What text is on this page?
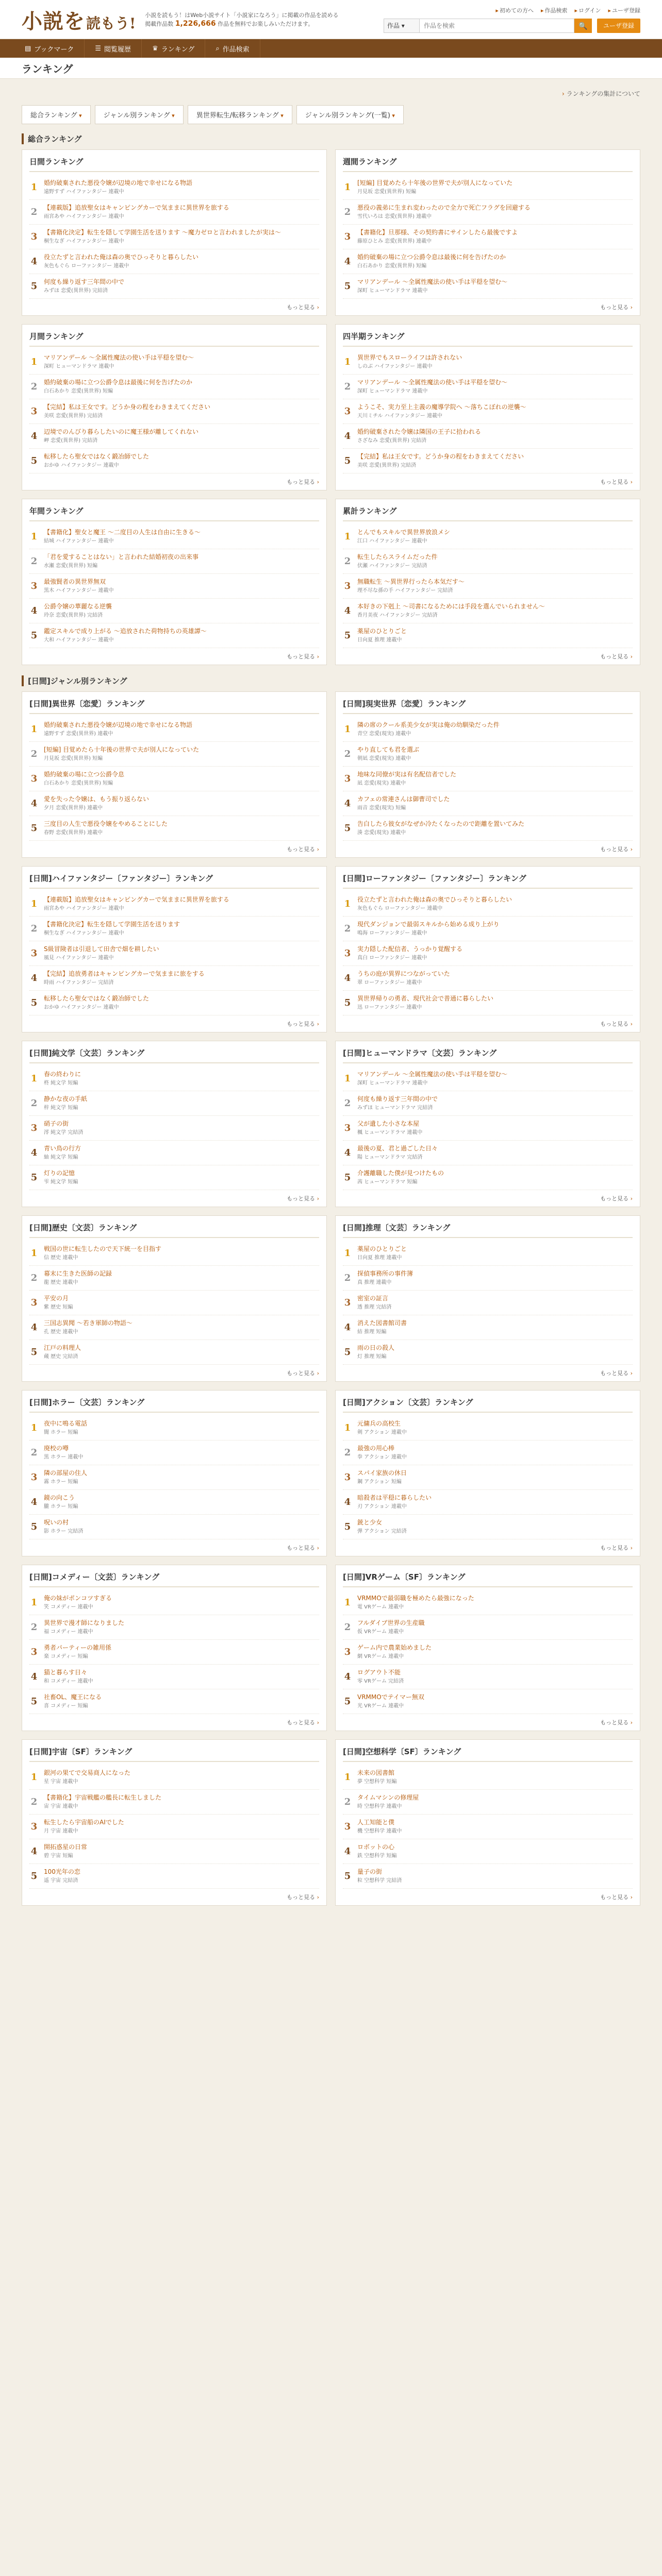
小説を 読もう! 小説を読もう！はWeb小説サイト「小説家になろう」に掲載の作品を読める
掲載作品数 1,226,666 作品を無料でお楽しみいただけます。
▸ 初めての方へ	▸ 作品検索	▸ ログイン	▸ ユーザ登録
作品 ▾
作品を検索	🔍	ユーザ登録
▤ ブックマーク	☰ 閲覧履歴	♛ ランキング	⌕ 作品検索
ランキング
› ランキングの集計について
総合ランキング ▾	ジャンル別ランキング ▾	異世界転生/転移ランキング ▾	ジャンル別ランキング(一覧) ▾
総合ランキング
日間ランキング
1 婚約破棄された悪役令嬢が辺境の地で幸せになる物語
遠野すず ハイファンタジー 連載中
2 【連載版】追放聖女はキャンピングカーで気ままに異世界を旅する
雨宮あや ハイファンタジー 連載中
3 【書籍化決定】転生を隠して学園生活を送ります ～魔力ゼロと言われましたが実は～
桐生なぎ ハイファンタジー 連載中
4 役立たずと言われた俺は森の奥でひっそりと暮らしたい
灰色もぐら ローファンタジー 連載中
5 何度も繰り返す三年間の中で
みずほ 恋愛(異世界) 完結済
もっと見る ›
週間ランキング
1 [短編] 目覚めたら十年後の世界で夫が別人になっていた
月見坂 恋愛(異世界) 短編
2 悪役の義弟に生まれ変わったので全力で死亡フラグを回避する
雪代いろは 恋愛(異世界) 連載中
3 【書籍化】旦那様、その契約書にサインしたら最後ですよ
藤原ひとみ 恋愛(異世界) 連載中
4 婚約破棄の場に立つ公爵令息は最後に何を告げたのか
白石あかり 恋愛(異世界) 短編
5 マリアンデール ～全属性魔法の使い手は平穏を望む～
深町 ヒューマンドラマ 連載中
もっと見る ›
月間ランキング
1 マリアンデール ～全属性魔法の使い手は平穏を望む～
深町 ヒューマンドラマ 連載中
2 婚約破棄の場に立つ公爵令息は最後に何を告げたのか
白石あかり 恋愛(異世界) 短編
3 【完結】私は王女です。どうか身の程をわきまえてください
美咲 恋愛(異世界) 完結済
4 辺境でのんびり暮らしたいのに魔王様が離してくれない
岬 恋愛(異世界) 完結済
5 転移したら聖女ではなく鍛冶師でした
おかゆ ハイファンタジー 連載中
もっと見る ›
四半期ランキング
1 異世界でもスローライフは許されない
しのぶ ハイファンタジー 連載中
2 マリアンデール ～全属性魔法の使い手は平穏を望む～
深町 ヒューマンドラマ 連載中
3 ようこそ、実力至上主義の魔導学院へ ～落ちこぼれの逆襲～
天川ミチル ハイファンタジー 連載中
4 婚約破棄された令嬢は隣国の王子に拾われる
さざなみ 恋愛(異世界) 完結済
5 【完結】私は王女です。どうか身の程をわきまえてください
美咲 恋愛(異世界) 完結済
もっと見る ›
年間ランキング
1 【書籍化】聖女と魔王 ～二度目の人生は自由に生きる～
結城 ハイファンタジー 連載中
2 「君を愛することはない」と言われた結婚初夜の出来事
水瀬 恋愛(異世界) 短編
3 最強賢者の異世界無双
黒木 ハイファンタジー 連載中
4 公爵令嬢の華麗なる逆襲
玲奈 恋愛(異世界) 完結済
5 鑑定スキルで成り上がる ～追放された荷物持ちの英雄譚～
大和 ハイファンタジー 連載中
もっと見る ›
累計ランキング
1 とんでもスキルで異世界放浪メシ
江口 ハイファンタジー 連載中
2 転生したらスライムだった件
伏瀬 ハイファンタジー 完結済
3 無職転生 ～異世界行ったら本気だす～
理不尽な孫の手 ハイファンタジー 完結済
4 本好きの下剋上 ～司書になるためには手段を選んでいられません～
香月美夜 ハイファンタジー 完結済
5 薬屋のひとりごと
日向夏 推理 連載中
もっと見る ›
[日間]ジャンル別ランキング
[日間]異世界〔恋愛〕ランキング
1 婚約破棄された悪役令嬢が辺境の地で幸せになる物語
遠野すず 恋愛(異世界) 連載中
2 [短編] 目覚めたら十年後の世界で夫が別人になっていた
月見坂 恋愛(異世界) 短編
3 婚約破棄の場に立つ公爵令息
白石あかり 恋愛(異世界) 短編
4 愛を失った令嬢は、もう振り返らない
夕月 恋愛(異世界) 連載中
5 三度目の人生で悪役令嬢をやめることにした
春野 恋愛(異世界) 連載中
もっと見る ›
[日間]現実世界〔恋愛〕ランキング
1 隣の席のクール系美少女が実は俺の幼馴染だった件
青空 恋愛(現実) 連載中
2 やり直しても君を選ぶ
朝凪 恋愛(現実) 連載中
3 地味な同僚が実は有名配信者でした
凪 恋愛(現実) 連載中
4 カフェの常連さんは御曹司でした
雨音 恋愛(現実) 短編
5 告白したら彼女がなぜか冷たくなったので距離を置いてみた
湊 恋愛(現実) 連載中
もっと見る ›
[日間]ハイファンタジー〔ファンタジー〕ランキング
1 【連載版】追放聖女はキャンピングカーで気ままに異世界を旅する
雨宮あや ハイファンタジー 連載中
2 【書籍化決定】転生を隠して学園生活を送ります
桐生なぎ ハイファンタジー 連載中
3 S級冒険者は引退して田舎で畑を耕したい
風見 ハイファンタジー 連載中
4 【完結】追放勇者はキャンピングカーで気ままに旅をする
時雨 ハイファンタジー 完結済
5 転移したら聖女ではなく鍛冶師でした
おかゆ ハイファンタジー 連載中
もっと見る ›
[日間]ローファンタジー〔ファンタジー〕ランキング
1 役立たずと言われた俺は森の奥でひっそりと暮らしたい
灰色もぐら ローファンタジー 連載中
2 現代ダンジョンで最弱スキルから始める成り上がり
鳴海 ローファンタジー 連載中
3 実力隠した配信者、うっかり覚醒する
真白 ローファンタジー 連載中
4 うちの庭が異界につながっていた
翠 ローファンタジー 連載中
5 異世界帰りの勇者、現代社会で普通に暮らしたい
迅 ローファンタジー 連載中
もっと見る ›
[日間]純文学〔文芸〕ランキング
1 春の終わりに
柊 純文学 短編
2 静かな夜の手紙
梓 純文学 短編
3 硝子の街
澪 純文学 完結済
4 青い鳥の行方
紬 純文学 短編
5 灯りの記憶
雫 純文学 短編
もっと見る ›
[日間]ヒューマンドラマ〔文芸〕ランキング
1 マリアンデール ～全属性魔法の使い手は平穏を望む～
深町 ヒューマンドラマ 連載中
2 何度も繰り返す三年間の中で
みずほ ヒューマンドラマ 完結済
3 父が遺した小さな本屋
楓 ヒューマンドラマ 連載中
4 最後の夏、君と過ごした日々
陽 ヒューマンドラマ 完結済
5 介護離職した僕が見つけたもの
茜 ヒューマンドラマ 短編
もっと見る ›
[日間]歴史〔文芸〕ランキング
1 戦国の世に転生したので天下統一を目指す
信 歴史 連載中
2 幕末に生きた医師の記録
龍 歴史 連載中
3 平安の月
紫 歴史 短編
4 三国志異聞 ～若き軍師の物語～
孔 歴史 連載中
5 江戸の料理人
蔵 歴史 完結済
もっと見る ›
[日間]推理〔文芸〕ランキング
1 薬屋のひとりごと
日向夏 推理 連載中
2 探偵事務所の事件簿
真 推理 連載中
3 密室の証言
透 推理 完結済
4 消えた図書館司書
結 推理 短編
5 雨の日の殺人
灯 推理 短編
もっと見る ›
[日間]ホラー〔文芸〕ランキング
1 夜中に鳴る電話
闇 ホラー 短編
2 廃校の噂
黒 ホラー 連載中
3 隣の部屋の住人
霧 ホラー 短編
4 鏡の向こう
朧 ホラー 短編
5 呪いの村
影 ホラー 完結済
もっと見る ›
[日間]アクション〔文芸〕ランキング
1 元傭兵の高校生
剣 アクション 連載中
2 最強の用心棒
拳 アクション 連載中
3 スパイ家族の休日
鋼 アクション 短編
4 暗殺者は平穏に暮らしたい
刃 アクション 連載中
5 銃と少女
弾 アクション 完結済
もっと見る ›
[日間]コメディー〔文芸〕ランキング
1 俺の妹がポンコツすぎる
笑 コメディー 連載中
2 異世界で漫才師になりました
福 コメディー 連載中
3 勇者パーティーの雑用係
楽 コメディー 短編
4 猫と暮らす日々
和 コメディー 連載中
5 社畜OL、魔王になる
喜 コメディー 短編
もっと見る ›
[日間]VRゲーム〔SF〕ランキング
1 VRMMOで最弱職を極めたら最強になった
電 VRゲーム 連載中
2 フルダイブ世界の生産職
仮 VRゲーム 連載中
3 ゲーム内で農業始めました
網 VRゲーム 連載中
4 ログアウト不能
零 VRゲーム 完結済
5 VRMMOでテイマー無双
光 VRゲーム 連載中
もっと見る ›
[日間]宇宙〔SF〕ランキング
1 銀河の果てで交易商人になった
星 宇宙 連載中
2 【書籍化】宇宙戦艦の艦長に転生しました
宙 宇宙 連載中
3 転生したら宇宙船のAIでした
月 宇宙 連載中
4 開拓惑星の日常
碧 宇宙 短編
5 100光年の恋
遥 宇宙 完結済
もっと見る ›
[日間]空想科学〔SF〕ランキング
1 未来の図書館
夢 空想科学 短編
2 タイムマシンの修理屋
時 空想科学 連載中
3 人工知能と僕
機 空想科学 連載中
4 ロボットの心
鉄 空想科学 短編
5 量子の街
粒 空想科学 完結済
もっと見る ›
